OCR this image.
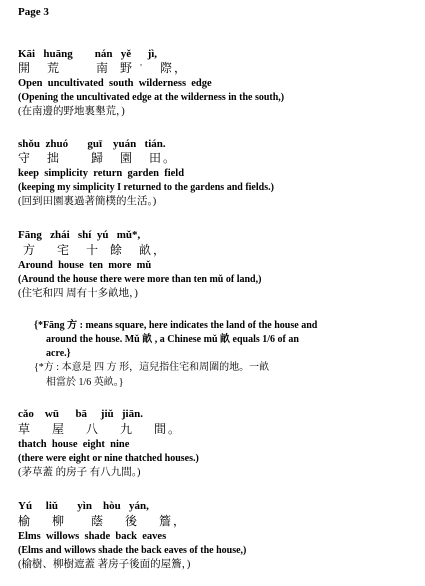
Page 3
Kāi   huāng        nán   yě      jì,
開   荒       南  野 ˙   際，
Open  uncultivated  south  wilderness  edge
(Opening the uncultivated edge at the wilderness in the south,)
(在南邊的野地裏墾荒，)
shǒu  zhuó       guī    yuán   tián.
守   拙      歸   園   田。
keep  simplicity  return  garden  field
(keeping my simplicity I returned to the gardens and fields.)
(回到田園裏過著簡樸的生活。)
Fāng   zhái   shí  yú   mǔ*,
方    宅   十  餘   畝，
Around  house  ten  more  mǔ
(Around the house there were more than ten mǔ of land,)
(住宅和四 周有十多畝地，)
{*Fāng 方 : means square, here indicates the land of the house and
around the house. Mǔ 畝 , a Chinese mǔ 畝 equals 1/6 of an
acre.}
{*方 : 本意是 四 方 形，這兒指住宅和周圍的地。一畝
相當於 1/6 英畝。}
cǎo    wū      bā     jiǔ   jiān.
草    屋    八    九    間。
thatch  house  eight  nine
(there were eight or nine thatched houses.)
(茅草蓋 的房子 有八九間。)
Yú     liǔ       yìn    hòu   yán,
榆    柳     蔭    後    簷，
Elms  willows  shade  back  eaves
(Elms and willows shade the back eaves of the house,)
(榆樹、柳樹遮蓋 著房子後面的屋簷，)
